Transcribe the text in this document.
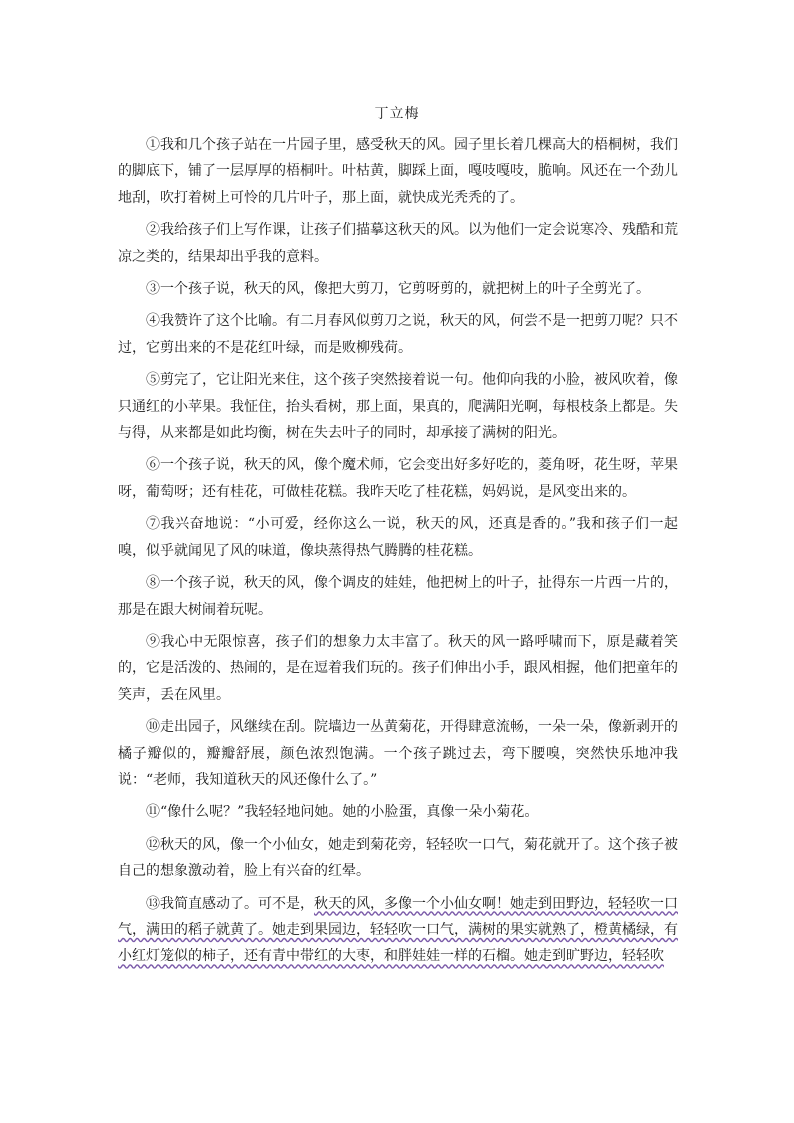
丁立梅

①我和几个孩子站在一片园子里，感受秋天的风。园子里长着几棵高大的梧桐树，我们的脚底下，铺了一层厚厚的梧桐叶。叶枯黄，脚踩上面，嘎吱嘎吱，脆响。风还在一个劲儿地刮，吹打着树上可怜的几片叶子，那上面，就快成光秃秃的了。

②我给孩子们上写作课，让孩子们描摹这秋天的风。以为他们一定会说寒冷、残酷和荒凉之类的，结果却出乎我的意料。

③一个孩子说，秋天的风，像把大剪刀，它剪呀剪的，就把树上的叶子全剪光了。

④我赞许了这个比喻。有二月春风似剪刀之说，秋天的风，何尝不是一把剪刀呢？只不过，它剪出来的不是花红叶绿，而是败柳残荷。

⑤剪完了，它让阳光来住，这个孩子突然接着说一句。他仰向我的小脸，被风吹着，像只通红的小苹果。我怔住，抬头看树，那上面，果真的，爬满阳光啊，每根枝条上都是。失与得，从来都是如此均衡，树在失去叶子的同时，却承接了满树的阳光。

⑥一个孩子说，秋天的风，像个魔术师，它会变出好多好吃的，菱角呀，花生呀，苹果呀，葡萄呀；还有桂花，可做桂花糕。我昨天吃了桂花糕，妈妈说，是风变出来的。

⑦我兴奋地说：“小可爱，经你这么一说，秋天的风，还真是香的。”我和孩子们一起嗅，似乎就闻见了风的味道，像块蒸得热气腾腾的桂花糕。

⑧一个孩子说，秋天的风，像个调皮的娃娃，他把树上的叶子，扯得东一片西一片的，那是在跟大树闹着玩呢。

⑨我心中无限惊喜，孩子们的想象力太丰富了。秋天的风一路呼啸而下，原是藏着笑的，它是活泼的、热闹的，是在逗着我们玩的。孩子们伸出小手，跟风相握，他们把童年的笑声，丢在风里。

⑩走出园子，风继续在刮。院墙边一丛黄菊花，开得肆意流畅，一朵一朵，像新剥开的橘子瓣似的，瓣瓣舒展，颜色浓烈饱满。一个孩子跳过去，弯下腰嗅，突然快乐地冲我说：“老师，我知道秋天的风还像什么了。”

⑪“像什么呢？”我轻轻地问她。她的小脸蛋，真像一朵小菊花。

⑫秋天的风，像一个小仙女，她走到菊花旁，轻轻吹一口气，菊花就开了。这个孩子被自己的想象激动着，脸上有兴奋的红晕。

⑬我简直感动了。可不是，秋天的风，多像一个小仙女啊！她走到田野边，轻轻吹一口气，满田的稻子就黄了。她走到果园边，轻轻吹一口气，满树的果实就熟了，橙黄橘绿，有小红灯笼似的柿子，还有青中带红的大枣，和胖娃娃一样的石榴。她走到旷野边，轻轻吹
